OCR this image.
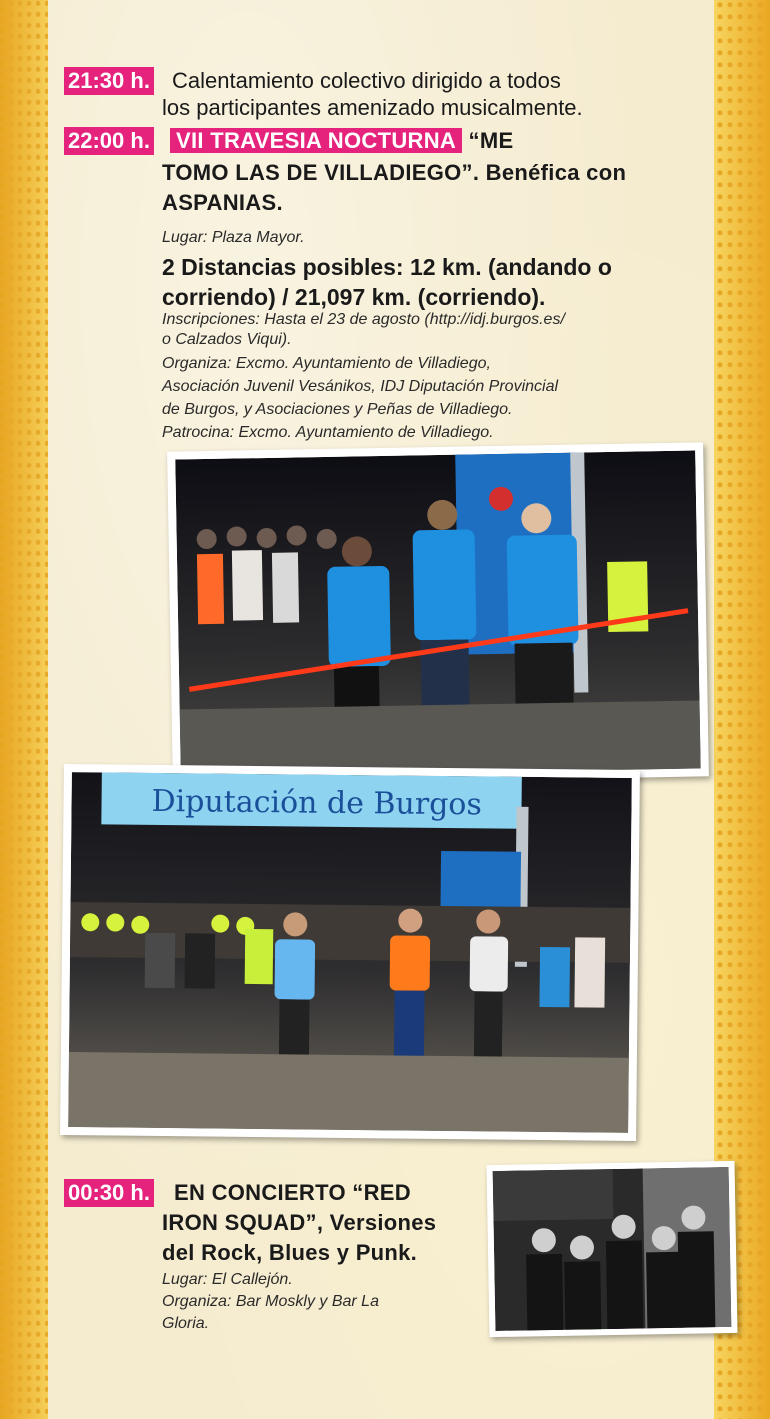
21:30 h. Calentamiento colectivo dirigido a todos
los participantes amenizado musicalmente.
22:00 h. VII TRAVESIA NOCTURNA “ME
TOMO LAS DE VILLADIEGO”. Benéfica con
ASPANIAS.
Lugar: Plaza Mayor.
2 Distancias posibles: 12 km. (andando o
corriendo) / 21,097 km. (corriendo).
Inscripciones: Hasta el 23 de agosto (http://idj.burgos.es/
o Calzados Viqui).
Organiza: Excmo. Ayuntamiento de Villadiego,
Asociación Juvenil Vesánikos, IDJ Diputación Provincial
de Burgos, y Asociaciones y Peñas de Villadiego.
Patrocina: Excmo. Ayuntamiento de Villadiego.
Diputación de Burgos
00:30 h. EN CONCIERTO “RED
IRON SQUAD”, Versiones
del Rock, Blues y Punk.
Lugar: El Callejón.
Organiza: Bar Moskly y Bar La
Gloria.
